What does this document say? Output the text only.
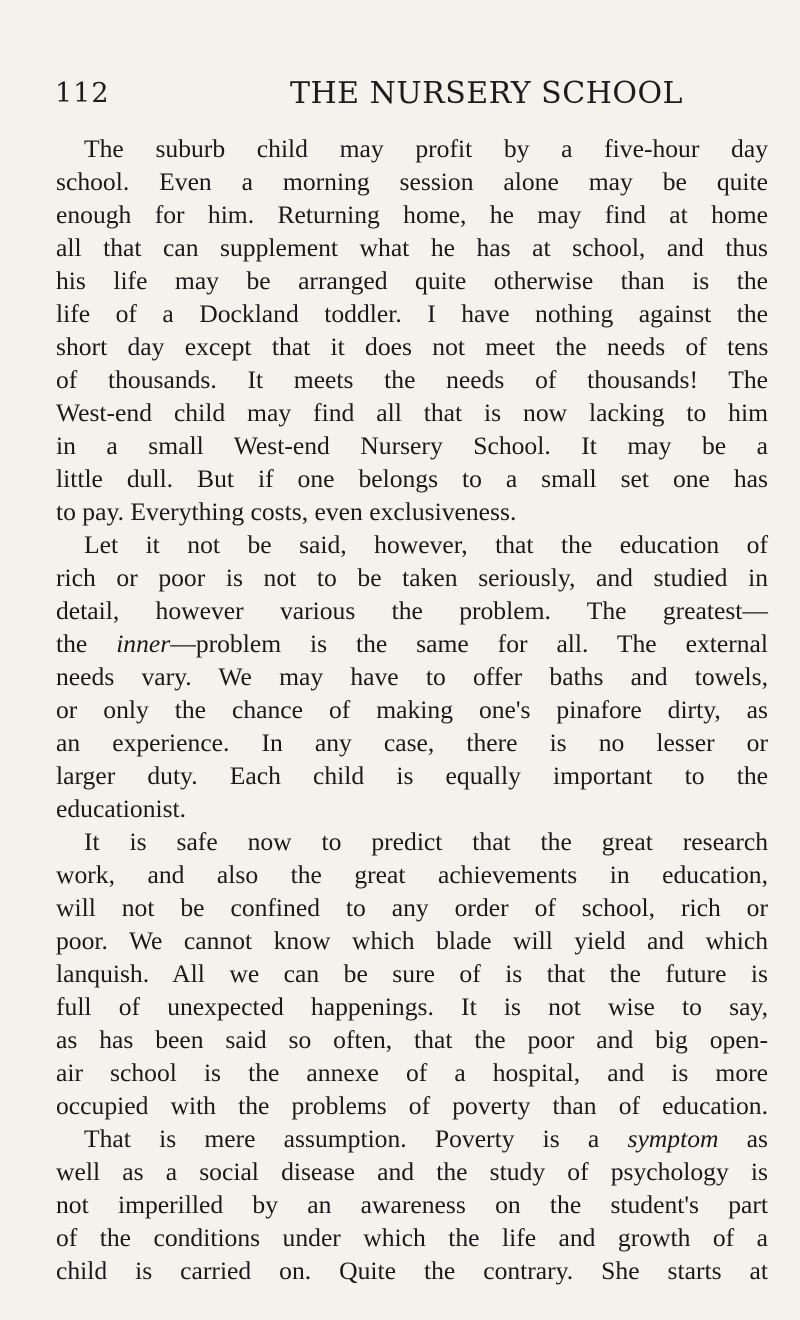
112	THE NURSERY SCHOOL
The suburb child may profit by a five-hour day
school. Even a morning session alone may be quite
enough for him. Returning home, he may find at home
all that can supplement what he has at school, and thus
his life may be arranged quite otherwise than is the
life of a Dockland toddler. I have nothing against the
short day except that it does not meet the needs of tens
of thousands. It meets the needs of thousands! The
West-end child may find all that is now lacking to him
in a small West-end Nursery School. It may be a
little dull. But if one belongs to a small set one has
to pay. Everything costs, even exclusiveness.
Let it not be said, however, that the education of
rich or poor is not to be taken seriously, and studied in
detail, however various the problem. The greatest—
the inner—problem is the same for all. The external
needs vary. We may have to offer baths and towels,
or only the chance of making one's pinafore dirty, as
an experience. In any case, there is no lesser or
larger duty. Each child is equally important to the
educationist.
It is safe now to predict that the great research
work, and also the great achievements in education,
will not be confined to any order of school, rich or
poor. We cannot know which blade will yield and which
lanquish. All we can be sure of is that the future is
full of unexpected happenings. It is not wise to say,
as has been said so often, that the poor and big open-
air school is the annexe of a hospital, and is more
occupied with the problems of poverty than of education.
That is mere assumption. Poverty is a symptom as
well as a social disease and the study of psychology is
not imperilled by an awareness on the student's part
of the conditions under which the life and growth of a
child is carried on. Quite the contrary. She starts at
